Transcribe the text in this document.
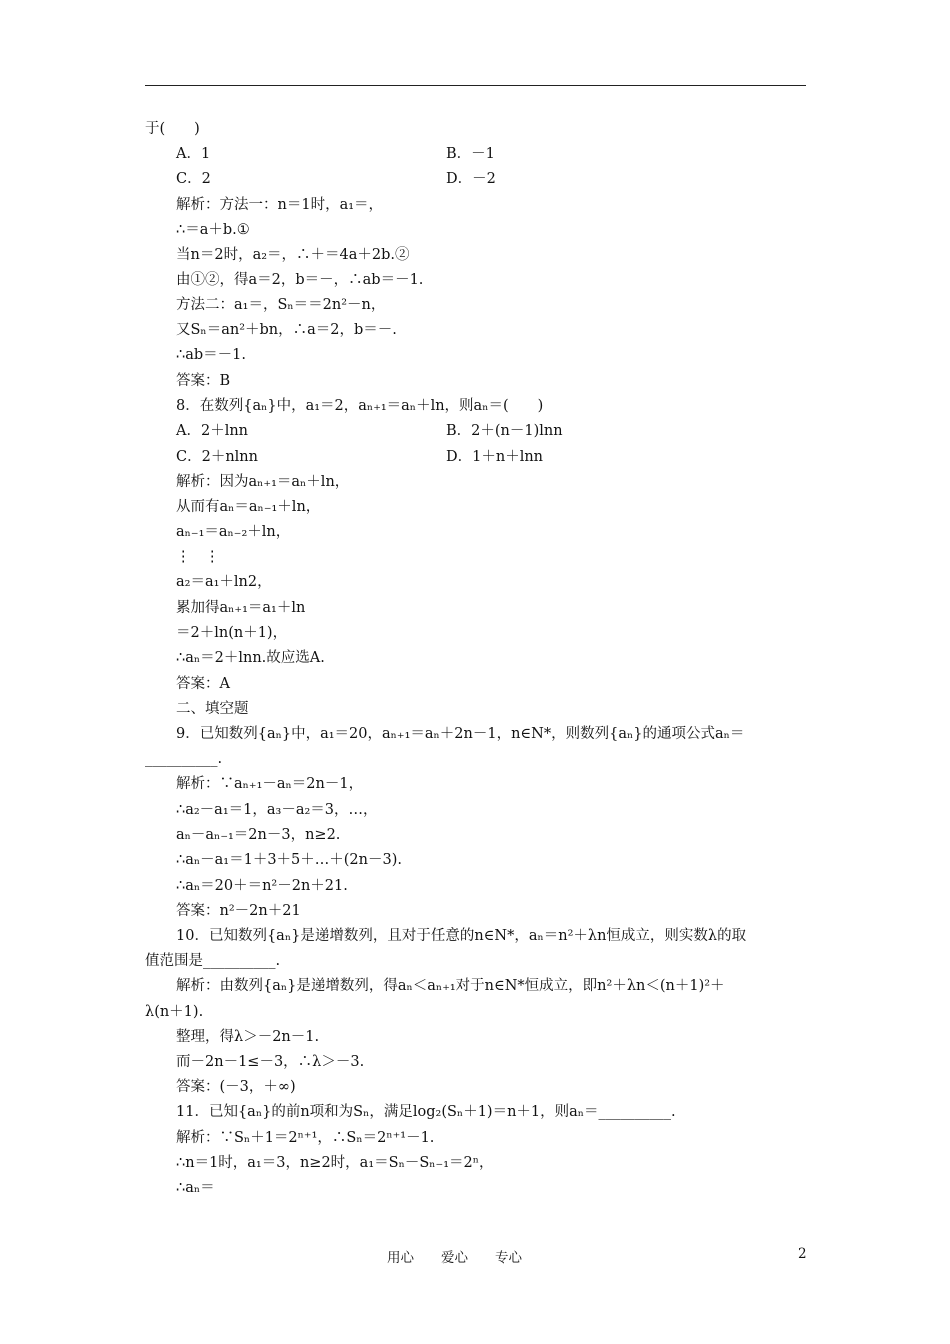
于(　　)
A．1	B．－1
C．2	D．－2
解析：方法一：n＝1时，a₁＝，
∴＝a＋b.①
当n＝2时，a₂＝，∴＋＝4a＋2b.②
由①②，得a＝2，b＝－，∴ab＝－1.
方法二：a₁＝，Sₙ＝＝2n²－n，
又Sₙ＝an²＋bn，∴a＝2，b＝－.
∴ab＝－1.
答案：B
8．在数列{aₙ}中，a₁＝2，aₙ₊₁＝aₙ＋ln，则aₙ＝(　　)
A．2＋lnn	B．2＋(n－1)lnn
C．2＋nlnn	D．1＋n＋lnn
解析：因为aₙ₊₁＝aₙ＋ln，
从而有aₙ＝aₙ₋₁＋ln，
aₙ₋₁＝aₙ₋₂＋ln，
⋮　⋮
a₂＝a₁＋ln2，
累加得aₙ₊₁＝a₁＋ln
＝2＋ln(n＋1)，
∴aₙ＝2＋lnn.故应选A.
答案：A
二、填空题
9．已知数列{aₙ}中，a₁＝20，aₙ₊₁＝aₙ＋2n－1，n∈N*，则数列{aₙ}的通项公式aₙ＝
__________.
解析：∵aₙ₊₁－aₙ＝2n－1，
∴a₂－a₁＝1，a₃－a₂＝3，…，
aₙ－aₙ₋₁＝2n－3，n≥2.
∴aₙ－a₁＝1＋3＋5＋…＋(2n－3).
∴aₙ＝20＋＝n²－2n＋21.
答案：n²－2n＋21
10．已知数列{aₙ}是递增数列，且对于任意的n∈N*，aₙ＝n²＋λn恒成立，则实数λ的取
值范围是__________.
解析：由数列{aₙ}是递增数列，得aₙ＜aₙ₊₁对于n∈N*恒成立，即n²＋λn＜(n＋1)²＋
λ(n＋1).
整理，得λ＞－2n－1.
而－2n－1≤－3，∴λ＞－3.
答案：(－3，＋∞)
11．已知{aₙ}的前n项和为Sₙ，满足log₂(Sₙ＋1)＝n＋1，则aₙ＝__________.
解析：∵Sₙ＋1＝2ⁿ⁺¹，∴Sₙ＝2ⁿ⁺¹－1.
∴n＝1时，a₁＝3，n≥2时，a₁＝Sₙ－Sₙ₋₁＝2ⁿ，
∴aₙ＝
用心　　爱心　　专心	2
